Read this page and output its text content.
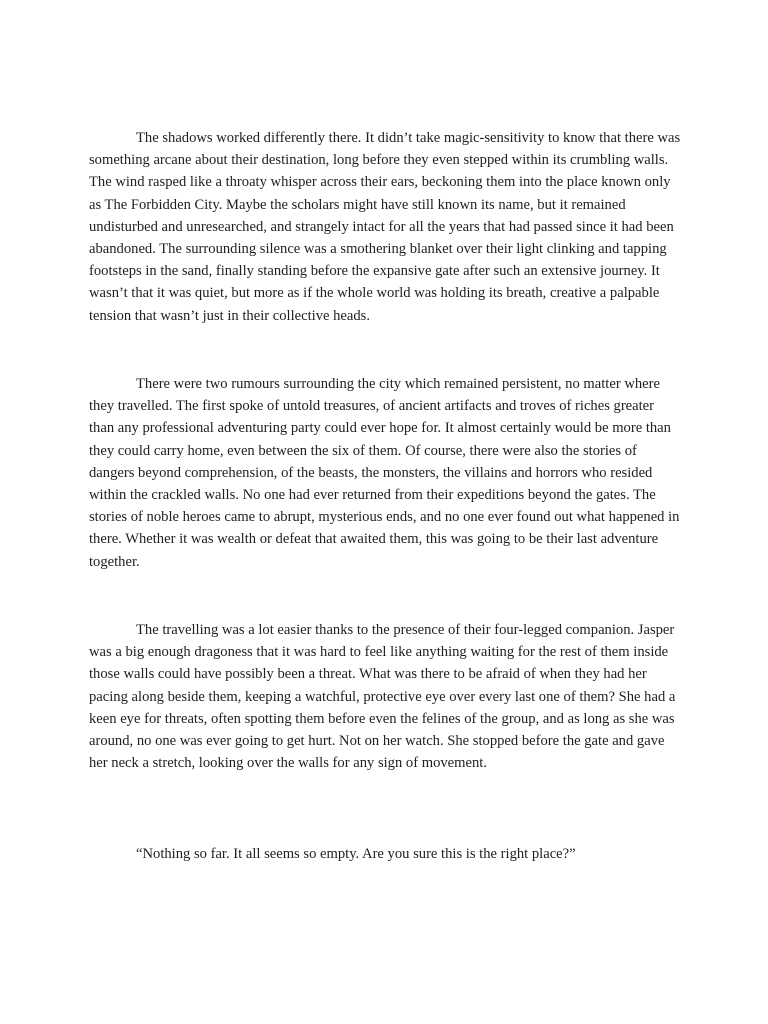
The shadows worked differently there. It didn’t take magic-sensitivity to know that there was something arcane about their destination, long before they even stepped within its crumbling walls. The wind rasped like a throaty whisper across their ears, beckoning them into the place known only as The Forbidden City. Maybe the scholars might have still known its name, but it remained undisturbed and unresearched, and strangely intact for all the years that had passed since it had been abandoned. The surrounding silence was a smothering blanket over their light clinking and tapping footsteps in the sand, finally standing before the expansive gate after such an extensive journey. It wasn’t that it was quiet, but more as if the whole world was holding its breath, creative a palpable tension that wasn’t just in their collective heads.

There were two rumours surrounding the city which remained persistent, no matter where they travelled. The first spoke of untold treasures, of ancient artifacts and troves of riches greater than any professional adventuring party could ever hope for. It almost certainly would be more than they could carry home, even between the six of them. Of course, there were also the stories of dangers beyond comprehension, of the beasts, the monsters, the villains and horrors who resided within the crackled walls. No one had ever returned from their expeditions beyond the gates. The stories of noble heroes came to abrupt, mysterious ends, and no one ever found out what happened in there. Whether it was wealth or defeat that awaited them, this was going to be their last adventure together.

The travelling was a lot easier thanks to the presence of their four-legged companion. Jasper was a big enough dragoness that it was hard to feel like anything waiting for the rest of them inside those walls could have possibly been a threat. What was there to be afraid of when they had her pacing along beside them, keeping a watchful, protective eye over every last one of them? She had a keen eye for threats, often spotting them before even the felines of the group, and as long as she was around, no one was ever going to get hurt. Not on her watch. She stopped before the gate and gave her neck a stretch, looking over the walls for any sign of movement.

“Nothing so far. It all seems so empty. Are you sure this is the right place?”
